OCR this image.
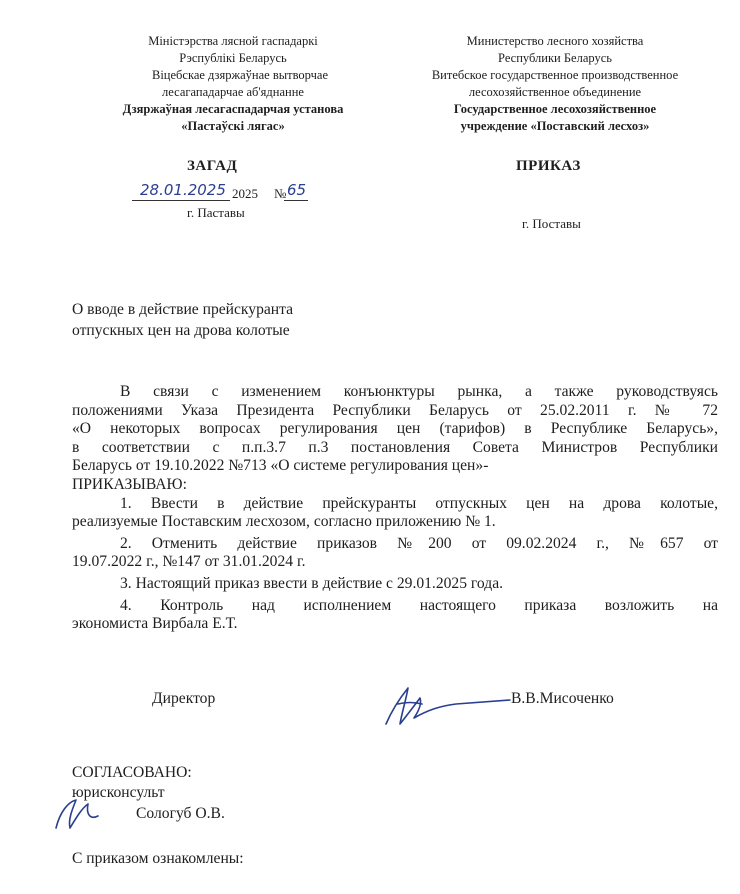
Міністэрства лясной гаспадаркі
Рэспублікі Беларусь
Віцебскае дзяржаўнае вытворчае
лесагападарчае аб'яднанне
Дзяржаўная лесагаспадарчая установа
«Пастаўскі лягас»
Министерство лесного хозяйства
Республики Беларусь
Витебское государственное производственное
лесохозяйственное объединение
Государственное лесохозяйственное
учреждение «Поставский лесхоз»
ЗАГАД	ПРИКАЗ
28.01.2025 2025 № 65
г. Паставы
г. Поставы
О вводе в действие прейскуранта
отпускных цен на дрова колотые
В связи с изменением конъюнктуры рынка, а также руководствуясь
положениями Указа Президента Республики Беларусь от 25.02.2011 г. № 72
«О некоторых вопросах регулирования цен (тарифов) в Республике Беларусь»,
в соответствии с п.п.3.7 п.3 постановления Совета Министров Республики
Беларусь от 19.10.2022 №713 «О системе регулирования цен»-
ПРИКАЗЫВАЮ:
1. Ввести в действие прейскуранты отпускных цен на дрова колотые,
реализуемые Поставским лесхозом, согласно приложению № 1.
2. Отменить действие приказов №200 от 09.02.2024 г., №657 от
19.07.2022 г., №147 от 31.01.2024 г.
3. Настоящий приказ ввести в действие с 29.01.2025 года.
4. Контроль над исполнением настоящего приказа возложить на
экономиста Вирбала Е.Т.
Директор	В.В.Мисоченко
СОГЛАСОВАНО:
юрисконсульт
Сологуб О.В.
С приказом ознакомлены:
